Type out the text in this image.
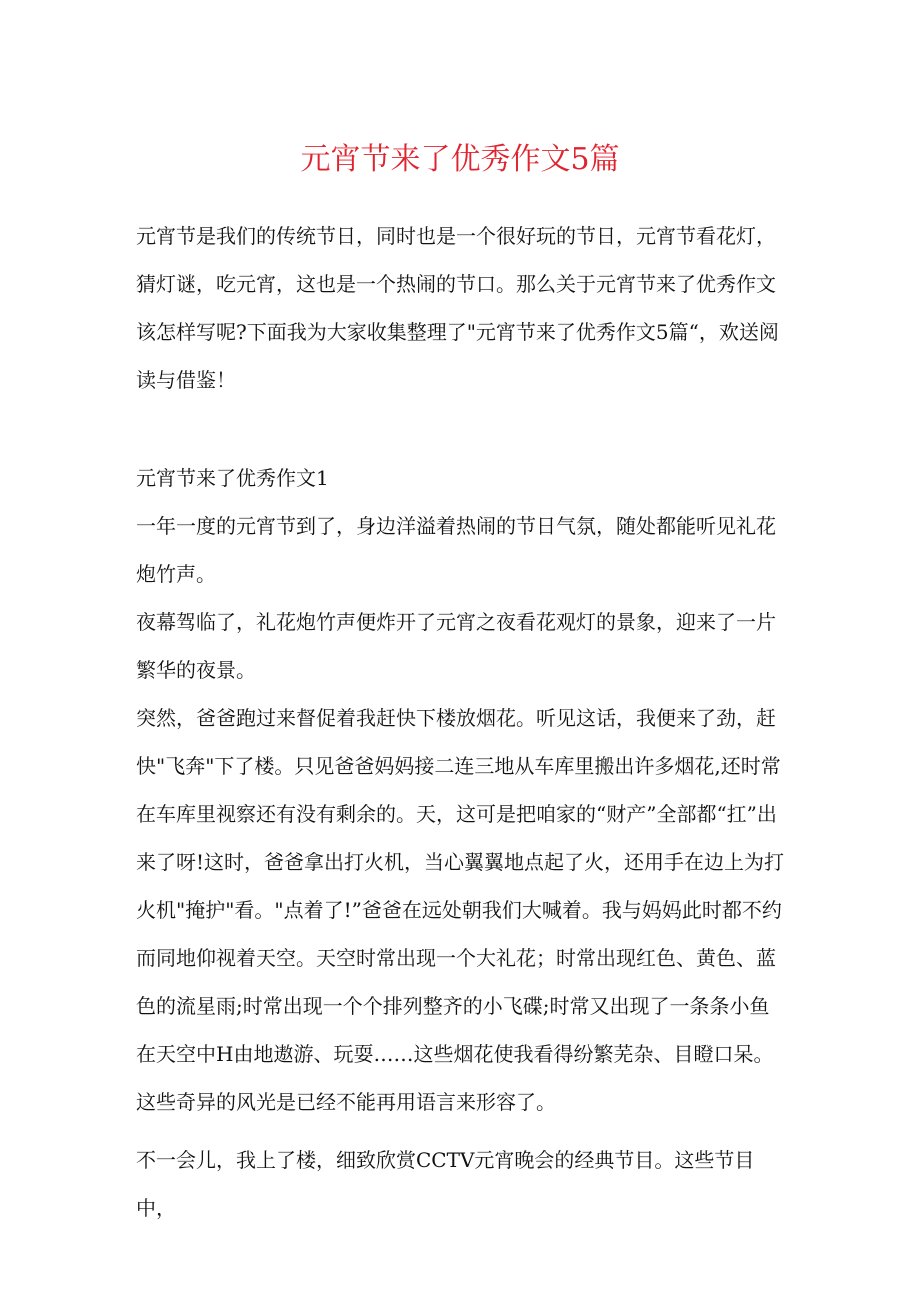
元宵节来了优秀作文5篇

元宵节是我们的传统节日，同时也是一个很好玩的节日，元宵节看花灯，猜灯谜，吃元宵，这也是一个热闹的节口。那么关于元宵节来了优秀作文该怎样写呢?下面我为大家收集整理了"元宵节来了优秀作文5篇“，欢送阅读与借鉴！

元宵节来了优秀作文1

一年一度的元宵节到了，身边洋溢着热闹的节日气氛，随处都能听见礼花炮竹声。

夜幕驾临了，礼花炮竹声便炸开了元宵之夜看花观灯的景象，迎来了一片繁华的夜景。

突然，爸爸跑过来督促着我赶快下楼放烟花。听见这话，我便来了劲，赶快"飞奔"下了楼。只见爸爸妈妈接二连三地从车库里搬出许多烟花,还时常在车库里视察还有没有剩余的。天，这可是把咱家的“财产”全部都“扛”出来了呀!这时，爸爸拿出打火机，当心翼翼地点起了火，还用手在边上为打火机"掩护"看。"点着了!”爸爸在远处朝我们大喊着。我与妈妈此时都不约而同地仰视着天空。天空时常出现一个大礼花；时常出现红色、黄色、蓝色的流星雨;时常出现一个个排列整齐的小飞碟;时常又出现了一条条小鱼在天空中H由地遨游、玩耍……这些烟花使我看得纷繁芜杂、目瞪口呆。这些奇异的风光是已经不能再用语言来形容了。

不一会儿，我上了楼，细致欣赏CCTV元宵晚会的经典节目。这些节目中，
